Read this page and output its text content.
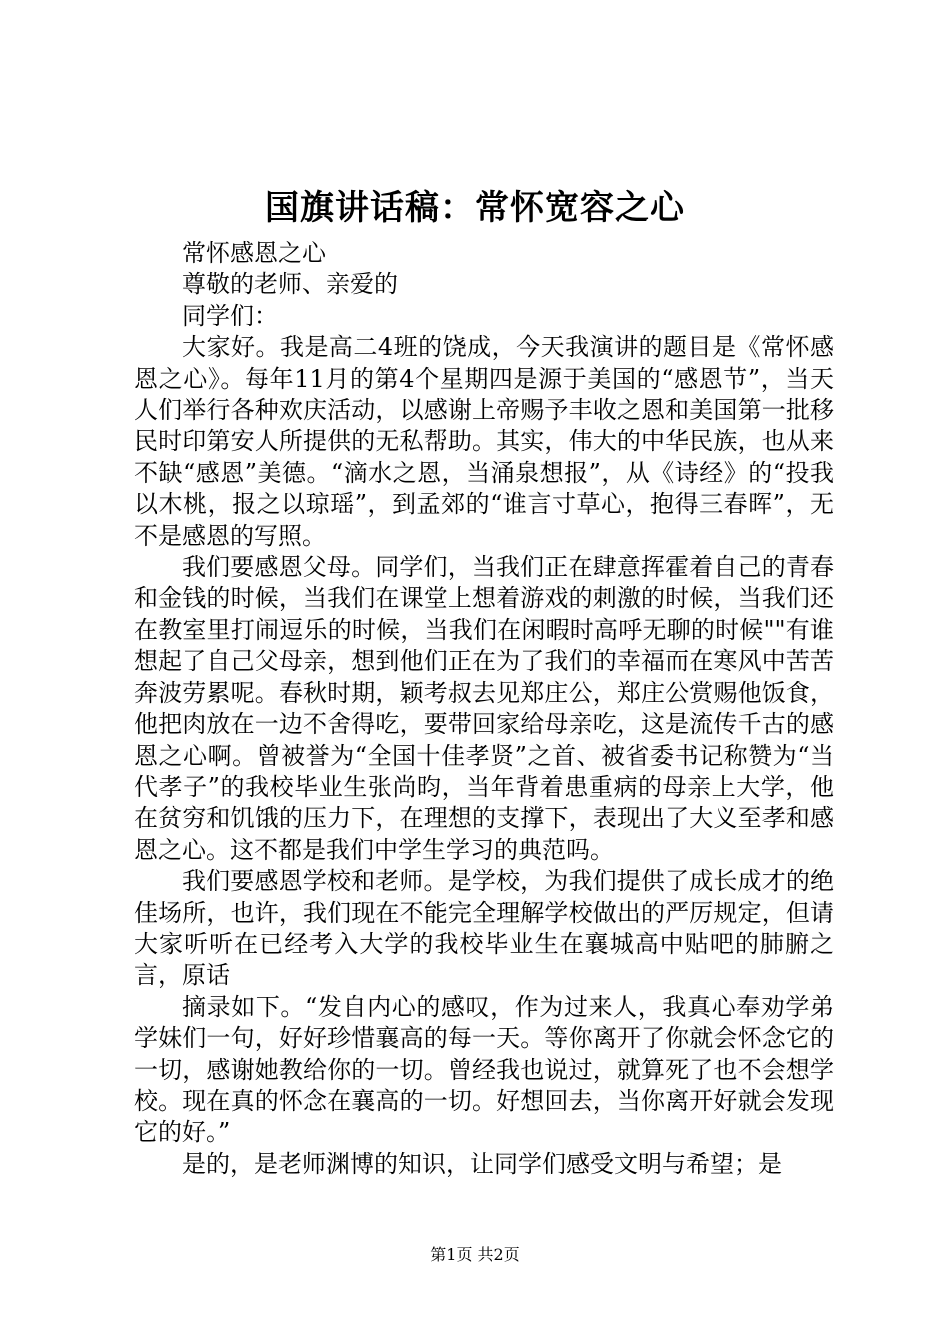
国旗讲话稿：常怀宽容之心

常怀感恩之心

尊敬的老师、亲爱的

同学们：

大家好。我是高二4班的饶成，今天我演讲的题目是《常怀感恩之心》。每年11月的第4个星期四是源于美国的“感恩节”，当天人们举行各种欢庆活动，以感谢上帝赐予丰收之恩和美国第一批移民时印第安人所提供的无私帮助。其实，伟大的中华民族，也从来不缺“感恩”美德。“滴水之恩，当涌泉想报”，从《诗经》的“投我以木桃，报之以琼瑶”，到孟郊的“谁言寸草心，抱得三春晖”，无不是感恩的写照。

我们要感恩父母。同学们，当我们正在肆意挥霍着自己的青春和金钱的时候，当我们在课堂上想着游戏的刺激的时候，当我们还在教室里打闹逗乐的时候，当我们在闲暇时高呼无聊的时候""有谁想起了自己父母亲，想到他们正在为了我们的幸福而在寒风中苦苦奔波劳累呢。春秋时期，颖考叔去见郑庄公，郑庄公赏赐他饭食，他把肉放在一边不舍得吃，要带回家给母亲吃，这是流传千古的感恩之心啊。曾被誉为“全国十佳孝贤”之首、被省委书记称赞为“当代孝子”的我校毕业生张尚昀，当年背着患重病的母亲上大学，他在贫穷和饥饿的压力下，在理想的支撑下，表现出了大义至孝和感恩之心。这不都是我们中学生学习的典范吗。

我们要感恩学校和老师。是学校，为我们提供了成长成才的绝佳场所，也许，我们现在不能完全理解学校做出的严厉规定，但请大家听听在已经考入大学的我校毕业生在襄城高中贴吧的肺腑之言，原话

摘录如下。“发自内心的感叹，作为过来人，我真心奉劝学弟学妹们一句，好好珍惜襄高的每一天。等你离开了你就会怀念它的一切，感谢她教给你的一切。曾经我也说过，就算死了也不会想学校。现在真的怀念在襄高的一切。好想回去，当你离开好就会发现它的好。”

是的，是老师渊博的知识，让同学们感受文明与希望；是

第1页 共2页
